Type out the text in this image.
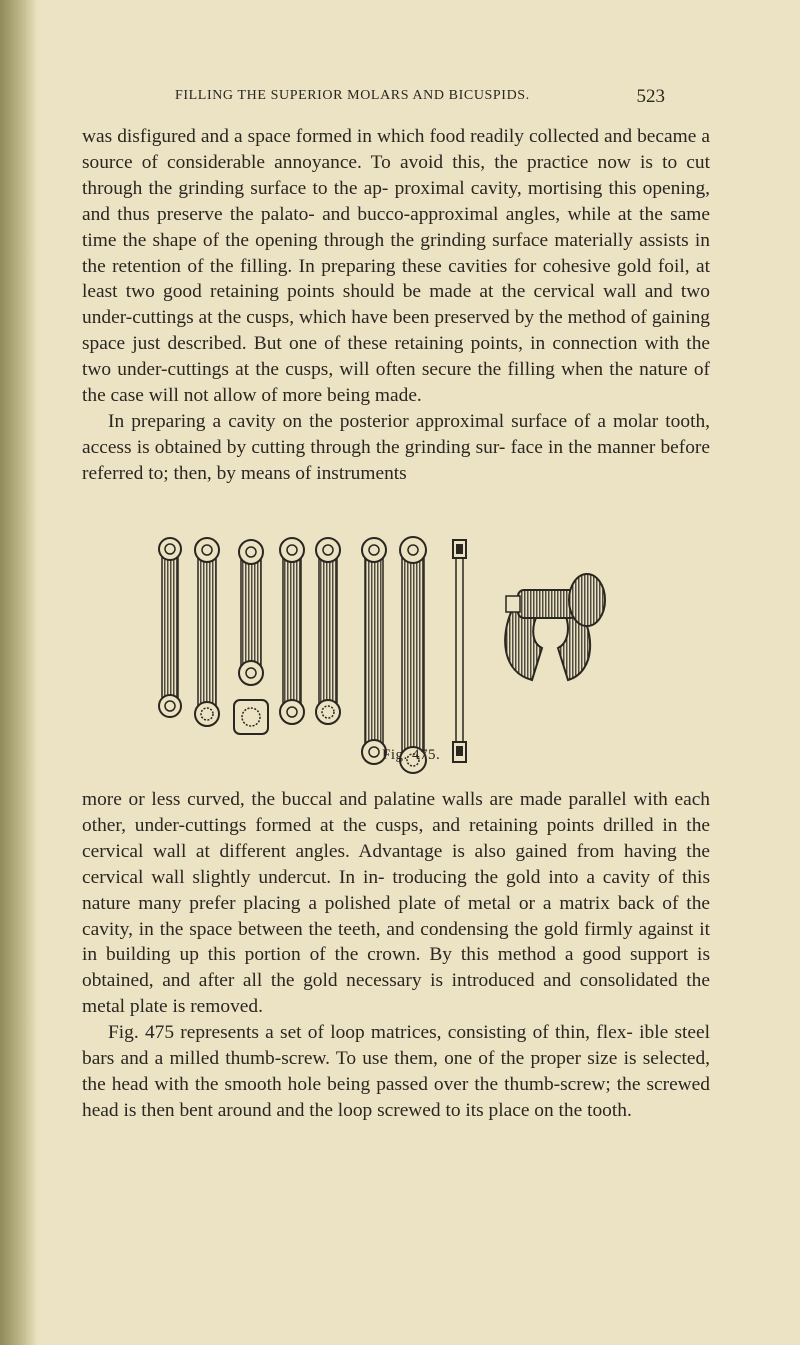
FILLING THE SUPERIOR MOLARS AND BICUSPIDS.	523

was disfigured and a space formed in which food readily collected and became a source of considerable annoyance. To avoid this, the practice now is to cut through the grinding surface to the ap- proximal cavity, mortising this opening, and thus preserve the palato- and bucco-approximal angles, while at the same time the shape of the opening through the grinding surface materially assists in the retention of the filling. In preparing these cavities for cohesive gold foil, at least two good retaining points should be made at the cervical wall and two under-cuttings at the cusps, which have been preserved by the method of gaining space just described. But one of these retaining points, in connection with the two under-cuttings at the cusps, will often secure the filling when the nature of the case will not allow of more being made.

In preparing a cavity on the posterior approximal surface of a molar tooth, access is obtained by cutting through the grinding sur- face in the manner before referred to; then, by means of instruments

Fig. 475.

more or less curved, the buccal and palatine walls are made parallel with each other, under-cuttings formed at the cusps, and retaining points drilled in the cervical wall at different angles. Advantage is also gained from having the cervical wall slightly undercut. In in- troducing the gold into a cavity of this nature many prefer placing a polished plate of metal or a matrix back of the cavity, in the space between the teeth, and condensing the gold firmly against it in building up this portion of the crown. By this method a good support is obtained, and after all the gold necessary is introduced and consolidated the metal plate is removed.

Fig. 475 represents a set of loop matrices, consisting of thin, flex- ible steel bars and a milled thumb-screw. To use them, one of the proper size is selected, the head with the smooth hole being passed over the thumb-screw; the screwed head is then bent around and the loop screwed to its place on the tooth.
